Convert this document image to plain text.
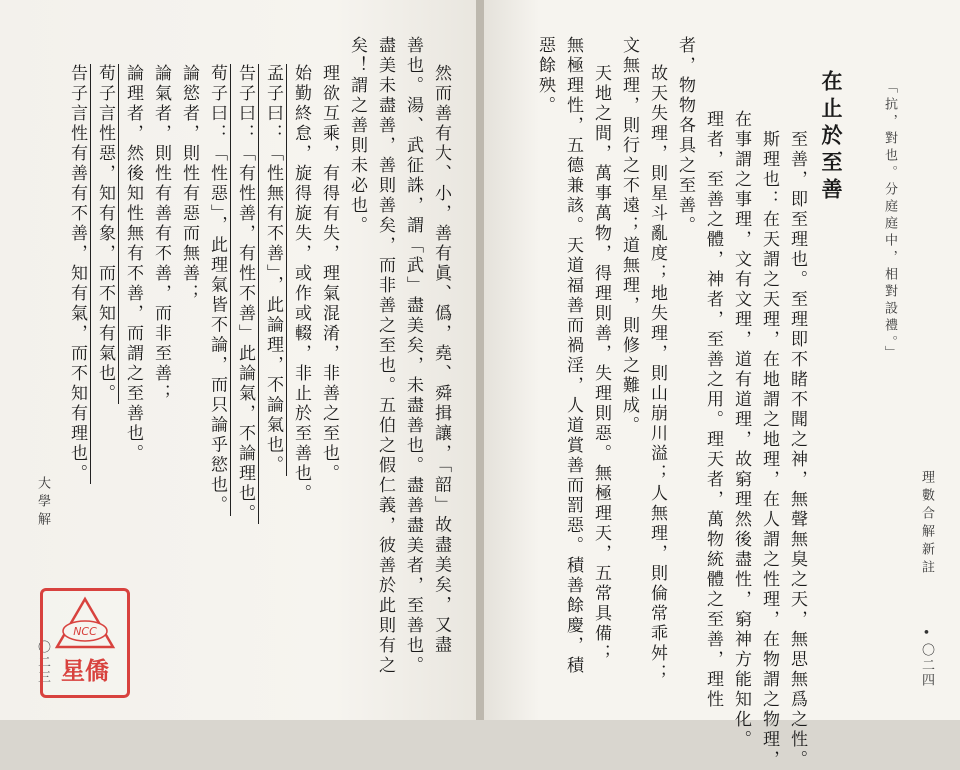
「抗，對也。分庭庭中，相對設禮。」
在止於至善
至善，即至理也。至理即不睹不聞之神，無聲無臭之天，無思無爲之性。
斯理也：在天謂之天理，在地謂之地理，在人謂之性理，在物謂之物理，
在事謂之事理，文有文理，道有道理，故窮理然後盡性，窮神方能知化。
理者，至善之體，神者，至善之用。理天者，萬物統體之至善，理性
者，物物各具之至善。
故天失理，則星斗亂度；地失理，則山崩川溢；人無理，則倫常乖舛；
文無理，則行之不遠；道無理，則修之難成。
天地之間，萬事萬物，得理則善，失理則惡。無極理天，五常具備；
無極理性，五德兼該。天道福善而禍淫，人道賞善而罰惡。積善餘慶，積
惡餘殃。
理數合解新註
•〇二四
然而善有大、小，善有眞、僞，堯、舜揖讓，「韶」故盡美矣，又盡
善也。湯、武征誅，謂「武」盡美矣，未盡善也。盡善盡美者，至善也。
盡美未盡善，善則善矣，而非善之至也。五伯之假仁義，彼善於此則有之
矣！謂之善則未必也。
理欲互乘，有得有失，理氣混淆，非善之至也。
始勤終怠，旋得旋失，或作或輟，非止於至善也。
孟子曰：「性無有不善」，此論理，不論氣也。
告子曰：「有性善，有性不善」此論氣，不論理也。
荀子曰：「性惡」，此理氣皆不論，而只論乎慾也。
論慾者，則性有惡而無善；
論氣者，則性有善有不善，而非至善；
論理者，然後知性無有不善，而謂之至善也。
荀子言性惡，知有象，而不知有氣也。
告子言性有善有不善，知有氣，而不知有理也。
大學解
〇二三
NCC
星僑
